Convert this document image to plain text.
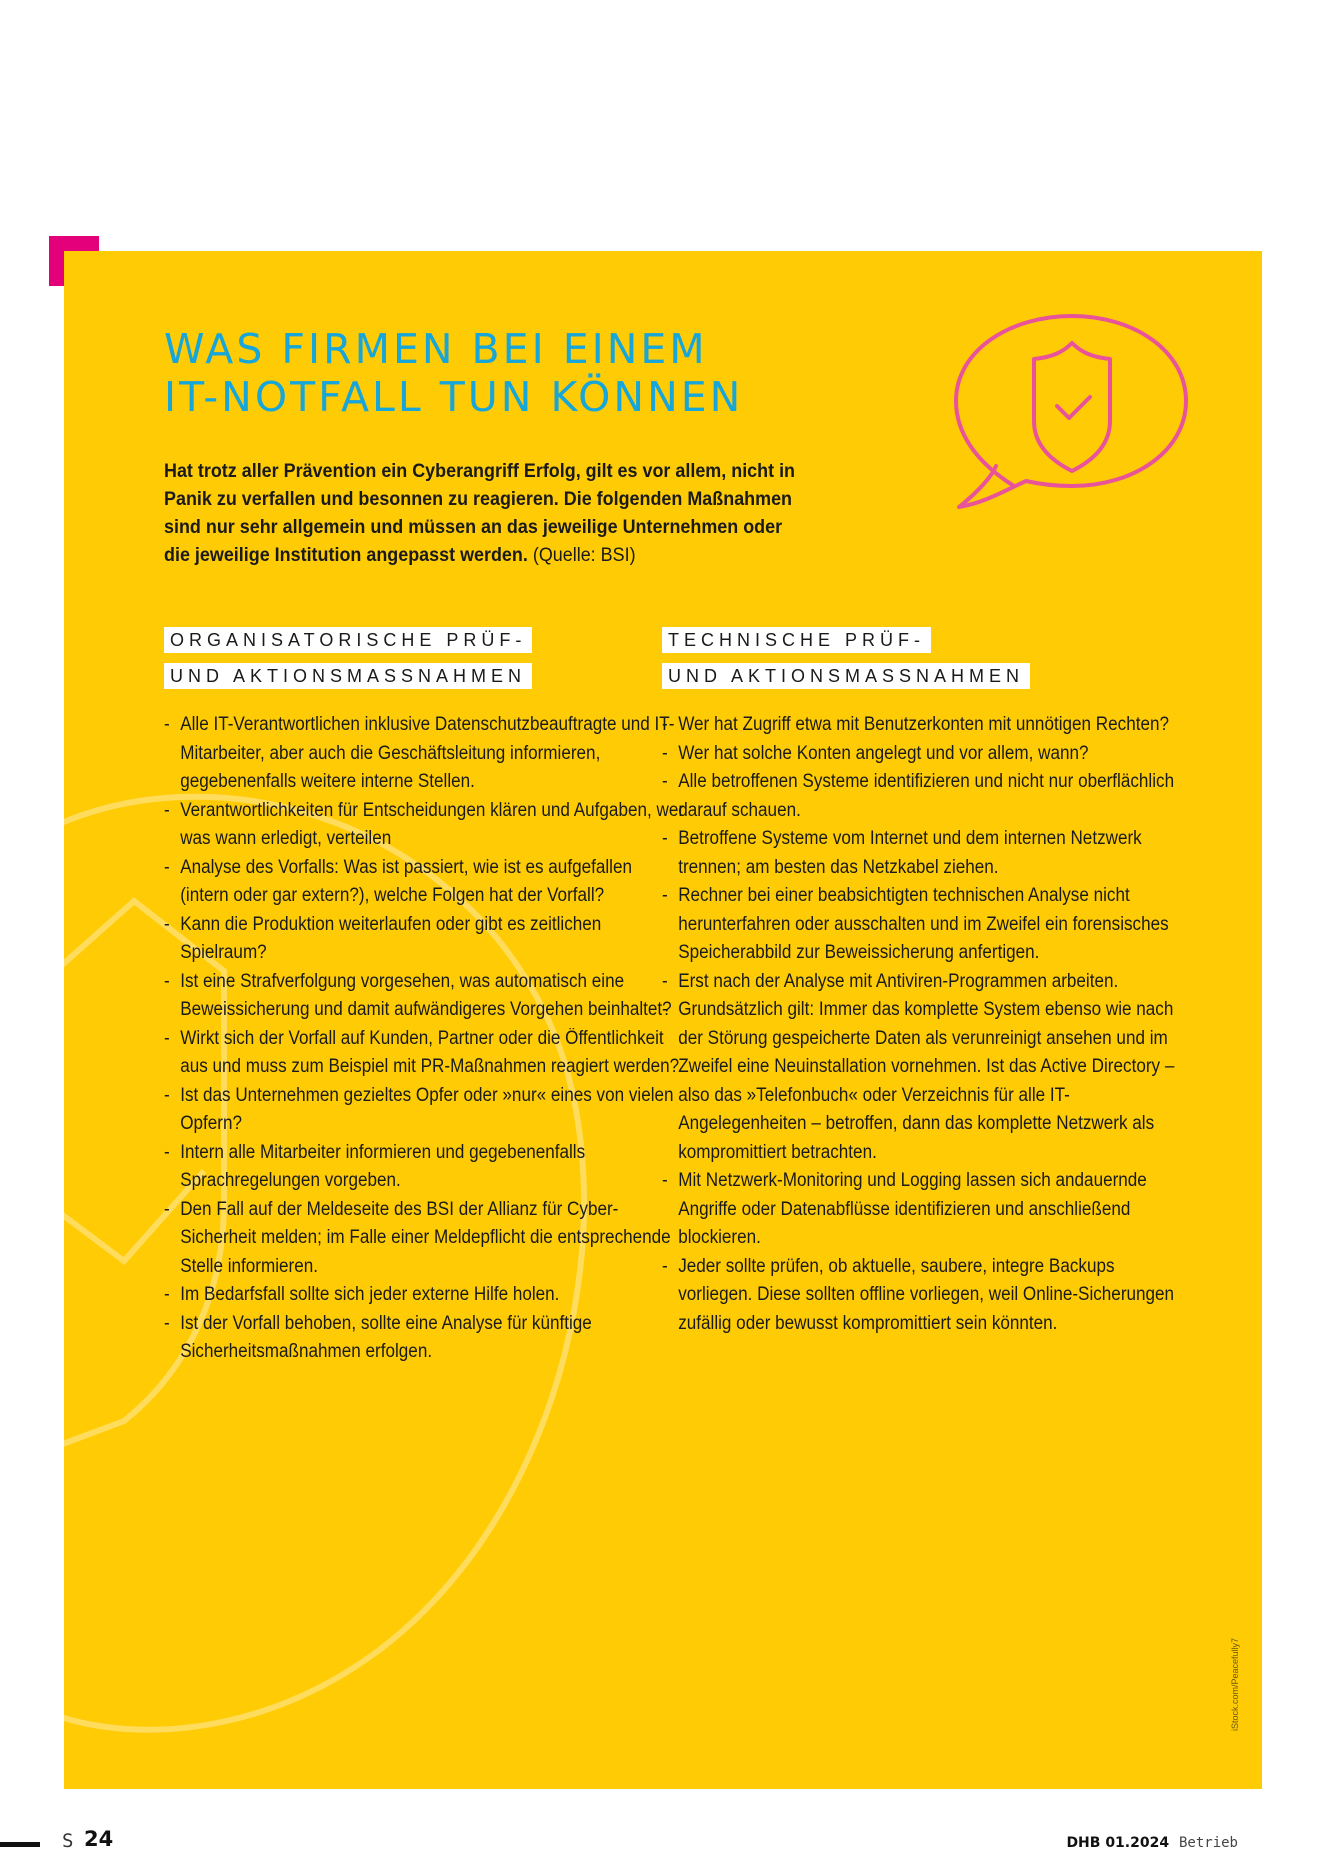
WAS FIRMEN BEI EINEM
IT-NOTFALL TUN KÖNNEN

Hat trotz aller Prävention ein Cyberangriff Erfolg, gilt es vor allem, nicht in Panik zu verfallen und besonnen zu reagieren. Die folgenden Maßnahmen sind nur sehr allgemein und müssen an das jeweilige Unternehmen oder die jeweilige Institution angepasst werden. (Quelle: BSI)

ORGANISATORISCHE PRÜF-
UND AKTIONSMASSNAHMEN
- Alle IT-Verantwortlichen inklusive Datenschutzbeauftragte und IT-Mitarbeiter, aber auch die Geschäftsleitung informieren, gegebenenfalls weitere interne Stellen.
- Verantwortlichkeiten für Entscheidungen klären und Aufgaben, wer was wann erledigt, verteilen
- Analyse des Vorfalls: Was ist passiert, wie ist es aufgefallen (intern oder gar extern?), welche Folgen hat der Vorfall?
- Kann die Produktion weiterlaufen oder gibt es zeitlichen Spielraum?
- Ist eine Strafverfolgung vorgesehen, was automatisch eine Beweissicherung und damit aufwändigeres Vorgehen beinhaltet?
- Wirkt sich der Vorfall auf Kunden, Partner oder die Öffentlichkeit aus und muss zum Beispiel mit PR-Maßnahmen reagiert werden?
- Ist das Unternehmen gezieltes Opfer oder »nur« eines von vielen Opfern?
- Intern alle Mitarbeiter informieren und gegebenenfalls Sprachregelungen vorgeben.
- Den Fall auf der Meldeseite des BSI der Allianz für Cyber-Sicherheit melden; im Falle einer Meldepflicht die entsprechende Stelle informieren.
- Im Bedarfsfall sollte sich jeder externe Hilfe holen.
- Ist der Vorfall behoben, sollte eine Analyse für künftige Sicherheitsmaßnahmen erfolgen.
TECHNISCHE PRÜF-
UND AKTIONSMASSNAHMEN
- Wer hat Zugriff etwa mit Benutzerkonten mit unnötigen Rechten?
- Wer hat solche Konten angelegt und vor allem, wann?
- Alle betroffenen Systeme identifizieren und nicht nur oberflächlich darauf schauen.
- Betroffene Systeme vom Internet und dem internen Netzwerk trennen; am besten das Netzkabel ziehen.
- Rechner bei einer beabsichtigten technischen Analyse nicht herunterfahren oder ausschalten und im Zweifel ein forensisches Speicherabbild zur Beweissicherung anfertigen.
- Erst nach der Analyse mit Antiviren-Programmen arbeiten.
- Grundsätzlich gilt: Immer das komplette System ebenso wie nach der Störung gespeicherte Daten als verunreinigt ansehen und im Zweifel eine Neuinstallation vornehmen. Ist das Active Directory – also das »Telefonbuch« oder Verzeichnis für alle IT-Angelegenheiten – betroffen, dann das komplette Netzwerk als kompromittiert betrachten.
- Mit Netzwerk-Monitoring und Logging lassen sich andauernde Angriffe oder Datenabflüsse identifizieren und anschließend blockieren.
- Jeder sollte prüfen, ob aktuelle, saubere, integre Backups vorliegen. Diese sollten offline vorliegen, weil Online-Sicherungen zufällig oder bewusst kompromittiert sein könnten.
iStock.com/Peacefully7
S 24	DHB 01.2024 Betrieb
